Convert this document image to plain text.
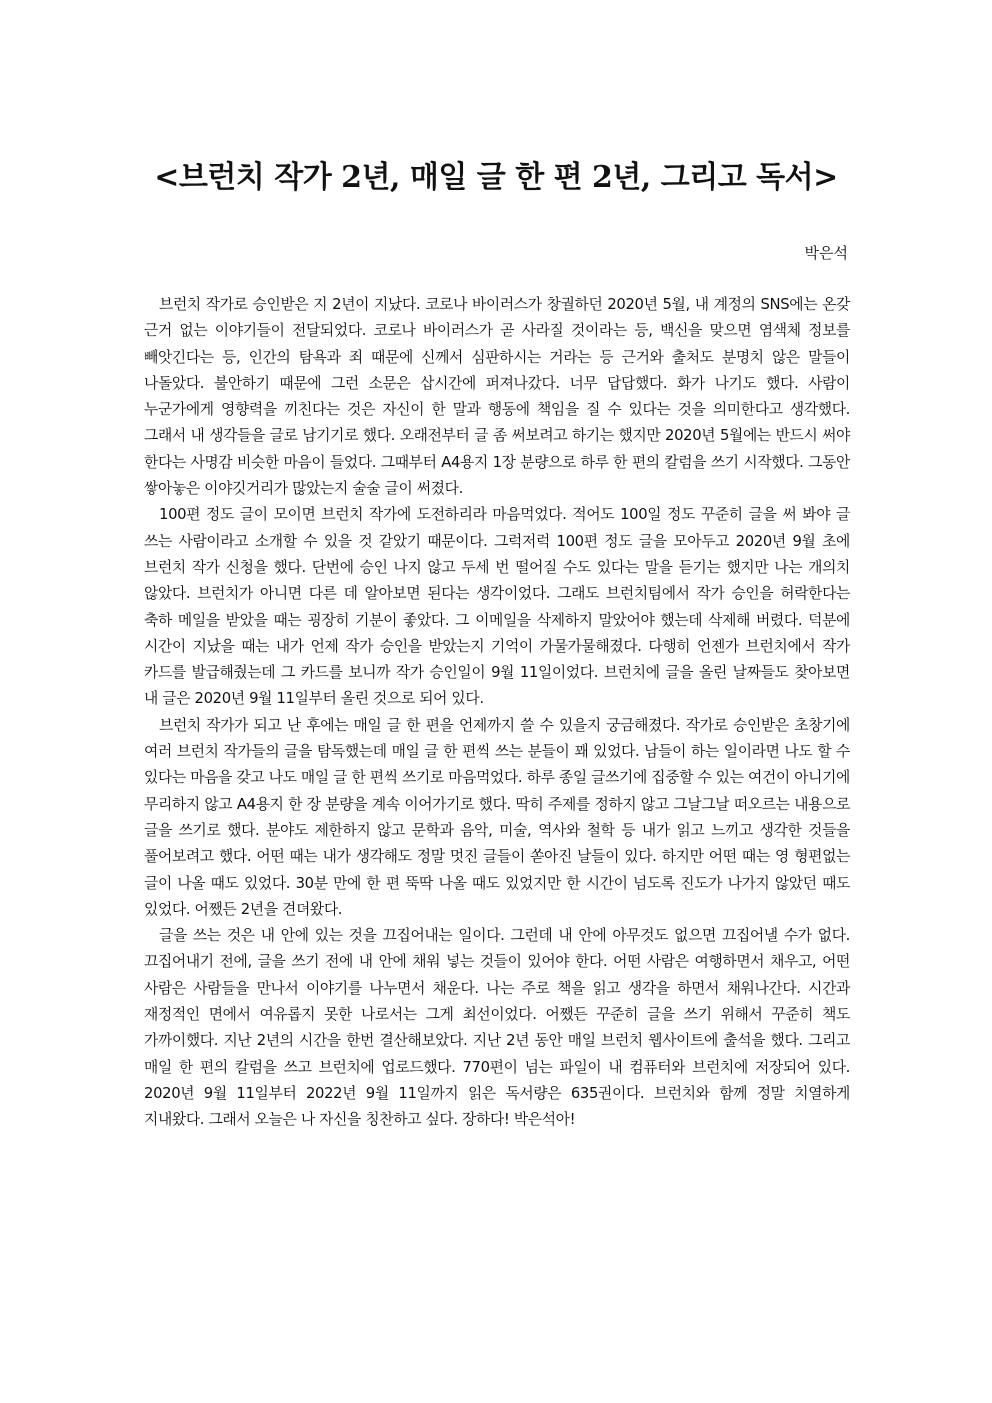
<브런치 작가 2년, 매일 글 한 편 2년, 그리고 독서>

박은석

브런치 작가로 승인받은 지 2년이 지났다. 코로나 바이러스가 창궐하던 2020년 5월, 내 계정의 SNS에는 온갖 근거 없는 이야기들이 전달되었다. 코로나 바이러스가 곧 사라질 것이라는 등, 백신을 맞으면 염색체 정보를 빼앗긴다는 등, 인간의 탐욕과 죄 때문에 신께서 심판하시는 거라는 등 근거와 출처도 분명치 않은 말들이 나돌았다. 불안하기 때문에 그런 소문은 삽시간에 퍼져나갔다. 너무 답답했다. 화가 나기도 했다. 사람이 누군가에게 영향력을 끼친다는 것은 자신이 한 말과 행동에 책임을 질 수 있다는 것을 의미한다고 생각했다. 그래서 내 생각들을 글로 남기기로 했다. 오래전부터 글 좀 써보려고 하기는 했지만 2020년 5월에는 반드시 써야 한다는 사명감 비슷한 마음이 들었다. 그때부터 A4용지 1장 분량으로 하루 한 편의 칼럼을 쓰기 시작했다. 그동안 쌓아놓은 이야깃거리가 많았는지 술술 글이 써졌다.

100편 정도 글이 모이면 브런치 작가에 도전하리라 마음먹었다. 적어도 100일 정도 꾸준히 글을 써 봐야 글 쓰는 사람이라고 소개할 수 있을 것 같았기 때문이다. 그럭저럭 100편 정도 글을 모아두고 2020년 9월 초에 브런치 작가 신청을 했다. 단번에 승인 나지 않고 두세 번 떨어질 수도 있다는 말을 듣기는 했지만 나는 개의치 않았다. 브런치가 아니면 다른 데 알아보면 된다는 생각이었다. 그래도 브런치팀에서 작가 승인을 허락한다는 축하 메일을 받았을 때는 굉장히 기분이 좋았다. 그 이메일을 삭제하지 말았어야 했는데 삭제해 버렸다. 덕분에 시간이 지났을 때는 내가 언제 작가 승인을 받았는지 기억이 가물가물해졌다. 다행히 언젠가 브런치에서 작가 카드를 발급해줬는데 그 카드를 보니까 작가 승인일이 9월 11일이었다. 브런치에 글을 올린 날짜들도 찾아보면 내 글은 2020년 9월 11일부터 올린 것으로 되어 있다.

브런치 작가가 되고 난 후에는 매일 글 한 편을 언제까지 쓸 수 있을지 궁금해졌다. 작가로 승인받은 초창기에 여러 브런치 작가들의 글을 탐독했는데 매일 글 한 편씩 쓰는 분들이 꽤 있었다. 남들이 하는 일이라면 나도 할 수 있다는 마음을 갖고 나도 매일 글 한 편씩 쓰기로 마음먹었다. 하루 종일 글쓰기에 집중할 수 있는 여건이 아니기에 무리하지 않고 A4용지 한 장 분량을 계속 이어가기로 했다. 딱히 주제를 정하지 않고 그날그날 떠오르는 내용으로 글을 쓰기로 했다. 분야도 제한하지 않고 문학과 음악, 미술, 역사와 철학 등 내가 읽고 느끼고 생각한 것들을 풀어보려고 했다. 어떤 때는 내가 생각해도 정말 멋진 글들이 쏟아진 날들이 있다. 하지만 어떤 때는 영 형편없는 글이 나올 때도 있었다. 30분 만에 한 편 뚝딱 나올 때도 있었지만 한 시간이 넘도록 진도가 나가지 않았던 때도 있었다. 어쨌든 2년을 견뎌왔다.

글을 쓰는 것은 내 안에 있는 것을 끄집어내는 일이다. 그런데 내 안에 아무것도 없으면 끄집어낼 수가 없다. 끄집어내기 전에, 글을 쓰기 전에 내 안에 채워 넣는 것들이 있어야 한다. 어떤 사람은 여행하면서 채우고, 어떤 사람은 사람들을 만나서 이야기를 나누면서 채운다. 나는 주로 책을 읽고 생각을 하면서 채워나간다. 시간과 재정적인 면에서 여유롭지 못한 나로서는 그게 최선이었다. 어쨌든 꾸준히 글을 쓰기 위해서 꾸준히 책도 가까이했다. 지난 2년의 시간을 한번 결산해보았다. 지난 2년 동안 매일 브런치 웹사이트에 출석을 했다. 그리고 매일 한 편의 칼럼을 쓰고 브런치에 업로드했다. 770편이 넘는 파일이 내 컴퓨터와 브런치에 저장되어 있다. 2020년 9월 11일부터 2022년 9월 11일까지 읽은 독서량은 635권이다. 브런치와 함께 정말 치열하게 지내왔다. 그래서 오늘은 나 자신을 칭찬하고 싶다. 장하다! 박은석아!
